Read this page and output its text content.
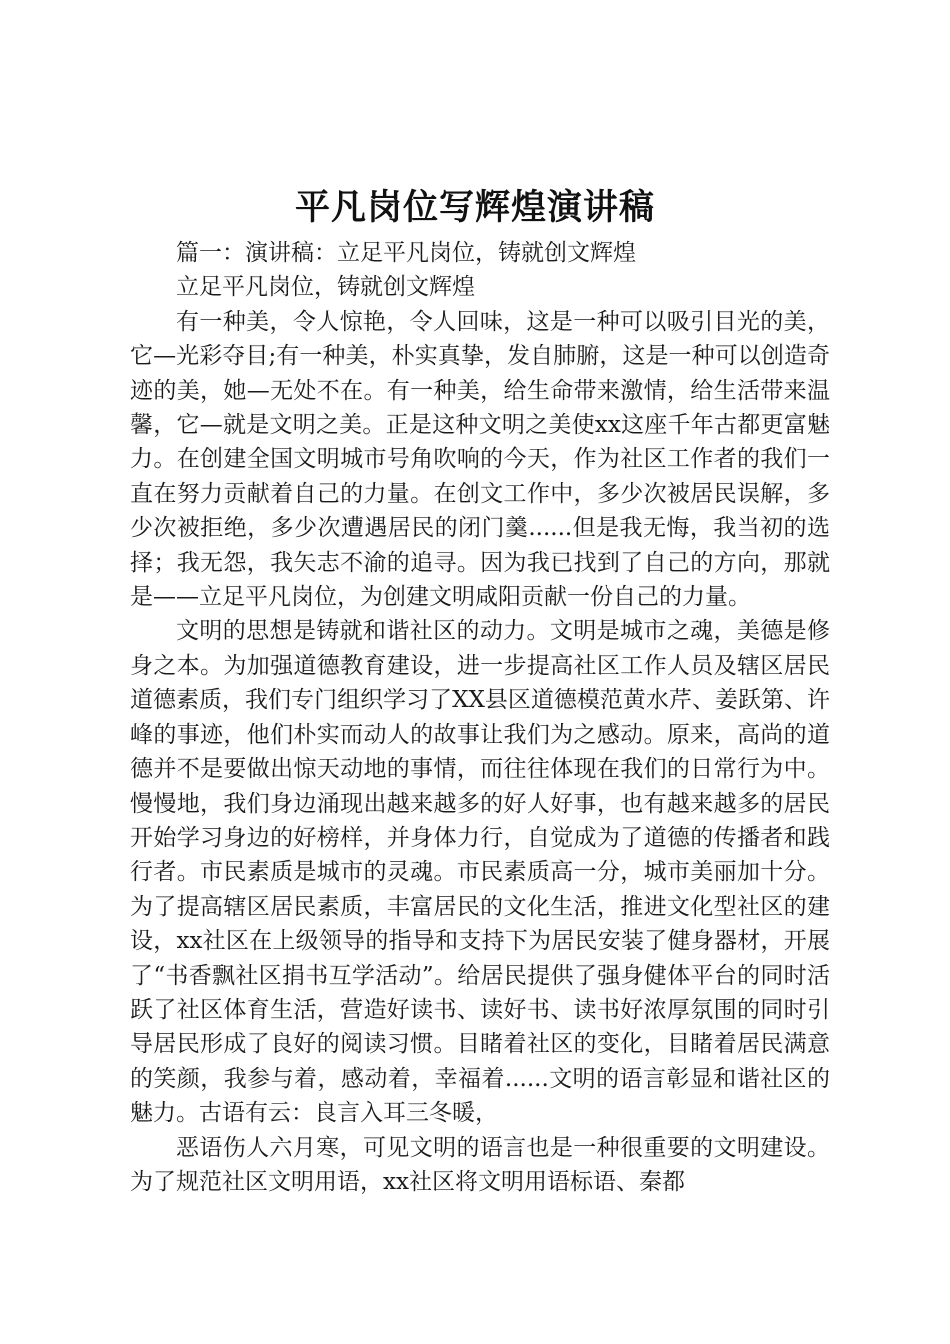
平凡岗位写辉煌演讲稿

篇一：演讲稿：立足平凡岗位，铸就创文辉煌

立足平凡岗位，铸就创文辉煌

有一种美，令人惊艳，令人回味，这是一种可以吸引目光的美，它—光彩夺目;有一种美，朴实真挚，发自肺腑，这是一种可以创造奇迹的美，她—无处不在。有一种美，给生命带来激情，给生活带来温馨，它—就是文明之美。正是这种文明之美使xx这座千年古都更富魅力。在创建全国文明城市号角吹响的今天，作为社区工作者的我们一直在努力贡献着自己的力量。在创文工作中，多少次被居民误解，多少次被拒绝，多少次遭遇居民的闭门羹......但是我无悔，我当初的选择；我无怨，我矢志不渝的追寻。因为我已找到了自己的方向，那就是——立足平凡岗位，为创建文明咸阳贡献一份自己的力量。

文明的思想是铸就和谐社区的动力。文明是城市之魂，美德是修身之本。为加强道德教育建设，进一步提高社区工作人员及辖区居民道德素质，我们专门组织学习了XX县区道德模范黄水芹、姜跃第、许峰的事迹，他们朴实而动人的故事让我们为之感动。原来，高尚的道德并不是要做出惊天动地的事情，而往往体现在我们的日常行为中。慢慢地，我们身边涌现出越来越多的好人好事，也有越来越多的居民开始学习身边的好榜样，并身体力行，自觉成为了道德的传播者和践行者。市民素质是城市的灵魂。市民素质高一分，城市美丽加十分。为了提高辖区居民素质，丰富居民的文化生活，推进文化型社区的建设，xx社区在上级领导的指导和支持下为居民安装了健身器材，开展了“书香飘社区捐书互学活动”。给居民提供了强身健体平台的同时活跃了社区体育生活，营造好读书、读好书、读书好浓厚氛围的同时引导居民形成了良好的阅读习惯。目睹着社区的变化，目睹着居民满意的笑颜，我参与着，感动着，幸福着......文明的语言彰显和谐社区的魅力。古语有云：良言入耳三冬暖，

恶语伤人六月寒，可见文明的语言也是一种很重要的文明建设。为了规范社区文明用语，xx社区将文明用语标语、秦都
